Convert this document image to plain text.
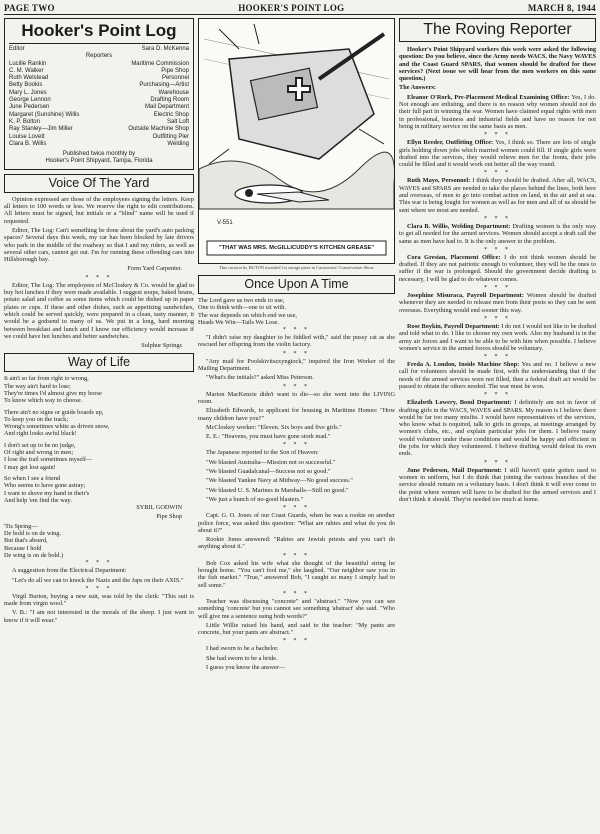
PAGE TWO	HOOKER'S POINT LOG	MARCH 8, 1944
Hooker's Point Log
Editor	Sara D. McKenna
Reporters
Lucille Rankin	Maritime Commission
C. M. Walker	Pipe Shop
Ruth Welstead	Personnel
Betty Bookis	Purchasing—Artist
Mary L. Jones	Warehouse
George Lennon	Drafting Room
June Pedersen	Mail Department
Margaret (Sunshine) Willis	Electric Shop
K. P. Bolton	Salt Loft
Ray Stanley—Jim Miller	Outside Machine Shop
Louise Lovett	Outfitting Pier
Clara B. Willis	Welding
Published twice monthly by
Hooker's Point Shipyard, Tampa, Florida
Voice Of The Yard

Opinion expressed are those of the employees signing the letters. Keep all letters to 100 words or less. We reserve the right to edit contributions. All letters must be signed, but initials or a "blind" name will be used if requested.

Editor, The Log: Can't something be done about the yard's auto parking spaces? Several days this week, my car has been blocked by late drivers who park in the middle of the roadway so that I and my riders, as well as several other cars, cannot get out. I'm for running these offending cars into Hillsborough bay.

Form Yard Carpenter.
* * *

Editor, The Log: The employees of McCloskey & Co. would be glad to buy hot lunches if they were made available. I suggest soups, baked beans, potato salad and coffee as some items which could be dished up in paper plates or cups. If these and other dishes, such as appetizing sandwiches, which could be served quickly, were prepared in a clean, tasty manner, it would be a godsend to many of us. We put in a long, hard morning between breakfast and lunch and I know our efficiency would increase if we could have hot lunches and better sandwiches.

Sulphur Springs
Way of Life

It ain't so far from right to wrong,

The way ain't hard to lose;

They're times I'd almost give my horse

To know which way to choose.

There ain't no signs or guide boards up,

To keep you on the track;

Wrong's sometimes white as driven snow,

And right looks awful black!

I don't set up to be no judge,

Of right and wrong in men;

I lose the trail sometimes myself—

I may get lost again!

So when I see a friend

Who seems to have gone astray;

I want to shove my hand in their's

And help 'em find the way.

SYBIL GODWIN
Pipe Shop

'Tis Spring—

De bold is on de wing.

But that's absurd,

Because I hold

De wing is on de bold.)

* * *

A suggestion from the Electrical Department:

"Let's do all we can to knock the Nazis and the Japs on their AXIS."

* * *

Virgil Burton, buying a new suit, was told by the clerk: "This suit is made from virgin wool."

V. B.: "I am not interested in the morals of the sheep. I just want to know if it will wear."

V-551
"THAT WAS MRS. McGILLICUDDY'S KITCHEN GREASE"
This cartoon by HUTON awarded 1st savage prize in Cartoonists' Conservation Show
Once Upon A Time

The Lord gave us two ends to use,

One to think with—one to sit with.

The war depends on which end we use,

Heads We Win—Tails We Lose.

* * *

"I didn't raise my daughter to be fiddled with," said the pussy cat as she rescued her offspring from the violin factory.

* * *

"Any mail for Poolskivitszxyngtock," inquired the Iron Worker of the Mailing Department.

"What's the initials?" asked Miss Peterson.

* * *

Marion MacKenzie didn't want to die—so she went into the LIVING room.

Elizabeth Edwards, to applicant for housing in Maritime Homes: "How many children have you?"

McCloskey worker: "Eleven. Six boys and five girls."

E. E.: "Heavens, you must have gone stork mad."

* * *

The Japanese reported to the Son of Heaven:

"We blasted Australia—Mission not so successful."

"We blasted Guadalcanal—Success not so good."

"We blasted Yankee Navy at Midway—No good success."

"We blasted U. S. Marines in Marshalls—Still no good."

"We just a bunch of no-good blasters."

* * *

Capt. G. O. Jones of our Coast Guards, when he was a rookie on another police force, was asked this question: "What are rabies and what do you do about it?"

Rookie Jones answered: "Rabies are Jewish priests and you can't do anything about it."

* * *

Bob Cox asked his wife what she thought of the beautiful string he brought home. "You can't fool me," she laughed. "Our neighbor saw you in the fish market." "True," answered Bob, "I caught so many I simply had to sell some."

* * *

Teacher was discussing "concrete" and "abstract." "Now you can see something 'concrete' but you cannot see something 'abstract' she said. "Who will give me a sentence using both words?"

Little Willie raised his hand, and said to the teacher: "My pants are concrete, but your pants are abstract."

* * *

I had sworn to be a bachelor.

She had sworn to be a bride.

I guess you know the answer—

The Roving Reporter

Hooker's Point Shipyard workers this week were asked the following question: Do you believe, since the Army needs WACS, the Navy WAVES and the Coast Guard SPARS, that women should be drafted for these services? (Next issue we will hear from the men workers on this same question.)

The Answers:

Eleanor O'Rork, Pre-Placement Medical Examining Office: Yes, I do. Not enough are enlisting, and there is no reason why women should not do their full part in winning the war. Women have claimed equal rights with men in professional, business and industrial fields and have no reason for not being in military service on the same basis as men.

* * *

Ellyn Reeder, Outfitting Office: Yes, I think so. There are lots of single girls holding down jobs which married women could fill. If single girls were drafted into the services, they would relieve men for the fronts, their jobs could be filled and it would work out better all the way round.

* * *

Ruth Mayo, Personnel: I think they should be drafted. After all, WACS, WAVES and SPARS are needed to take the places behind the lines, both here and overseas, of men to go into combat action on land, in the air and at sea. This war is being fought for women as well as for men and all of us should be sent where we most are needed.

* * *

Clara B. Willis, Welding Department: Drafting women is the only way to get all needed for the armed services. Women should accept a draft call the same as men have had to. It is the only answer to the problem.

* * *

Cora Gresian, Placement Office: I do not think women should be drafted. If they are not patriotic enough to volunteer, they will be the ones to suffer if the war is prolonged. Should the government decide drafting is necessary, I will be glad to do whatever comes.

* * *

Josephine Misuraca, Payroll Department: Women should be drafted whenever they are needed to release men from their posts so they can be sent overseas. Everything would end sooner this way.

* * *

Rose Boykin, Payroll Department: I do not I would not like to be drafted and told what to do. I like to choose my own work. Also my husband is in the army air forces and I want to be able to be with him when possible. I believe women's service in the armed forces should be voluntary.

* * *

Freda A. London, Inside Machine Shop: Yes and no. I believe a new call for volunteers should be made first, with the understanding that if the needs of the armed services were not filled, then a federal draft act would be passed to obtain the others needed. The war must be won.

* * *

Elizabeth Lowery, Bond Department: I definitely am not in favor of drafting girls in the WACS, WAVES and SPARS. My reason is I believe there would be far too many misfits. I would have representatives of the services, who know what is required, talk to girls in groups, at meetings arranged by women's clubs, etc., and explain particular jobs for them. I believe many would volunteer under these conditions and would be happy and efficient in the jobs for which they volunteered. I believe drafting would defeat its own ends.

* * *

June Pedersen, Mail Department: I still haven't quite gotten used to women in uniform, but I do think that joining the various branches of the service should remain on a voluntary basis. I don't think it will ever come to the point where women will have to be drafted for the armed services and I don't think it should. They're needed too much at home.
